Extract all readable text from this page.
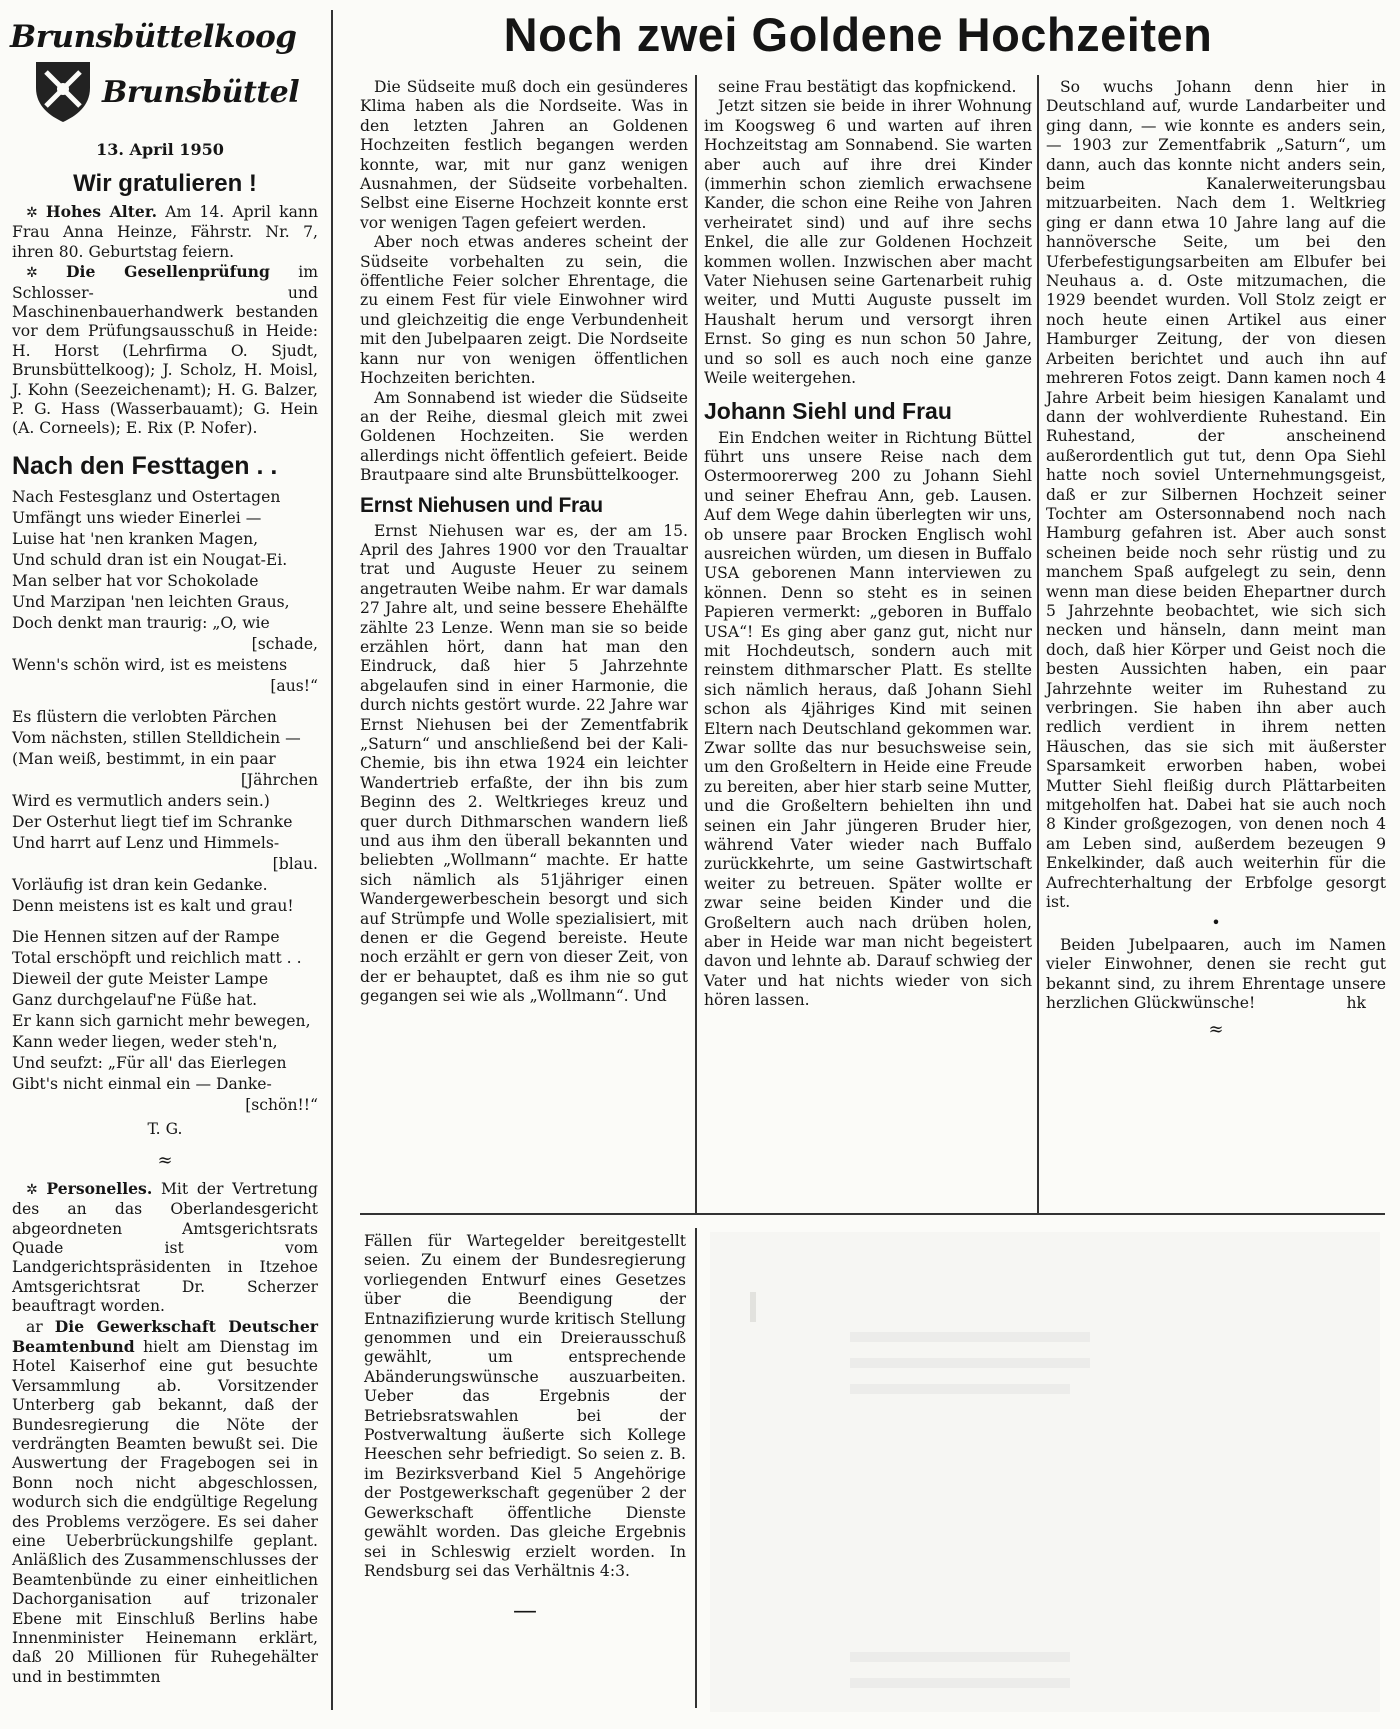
Brunsbüttelkoog
Brunsbüttel
13. April 1950
Wir gratulieren !

✲ Hohes Alter. Am 14. April kann Frau Anna Heinze, Fährstr. Nr. 7, ihren 80. Geburtstag feiern.

✲ Die Gesellenprüfung im Schlosser- und Maschinenbauerhandwerk bestanden vor dem Prüfungsausschuß in Heide: H. Horst (Lehrfirma O. Sjudt, Brunsbüttelkoog); J. Scholz, H. Moisl, J. Kohn (Seezeichenamt); H. G. Balzer, P. G. Hass (Wasserbauamt); G. Hein (A. Corneels); E. Rix (P. Nofer).

Nach den Festtagen . .

Nach Festesglanz und Ostertagen

Umfängt uns wieder Einerlei —

Luise hat 'nen kranken Magen,

Und schuld dran ist ein Nougat-Ei.

Man selber hat vor Schokolade

Und Marzipan 'nen leichten Graus,

Doch denkt man traurig: „O, wie

[schade,

Wenn's schön wird, ist es meistens

[aus!“

Es flüstern die verlobten Pärchen

Vom nächsten, stillen Stelldichein —

(Man weiß, bestimmt, in ein paar

[Jährchen

Wird es vermutlich anders sein.)

Der Osterhut liegt tief im Schranke

Und harrt auf Lenz und Himmels-

[blau.

Vorläufig ist dran kein Gedanke.

Denn meistens ist es kalt und grau!

Die Hennen sitzen auf der Rampe

Total erschöpft und reichlich matt . .

Dieweil der gute Meister Lampe

Ganz durchgelauf'ne Füße hat.

Er kann sich garnicht mehr bewegen,

Kann weder liegen, weder steh'n,

Und seufzt: „Für all' das Eierlegen

Gibt's nicht einmal ein — Danke-

[schön!!“

T. G.
≈

✲ Personelles. Mit der Vertretung des an das Oberlandesgericht abgeordneten Amtsgerichtsrats Quade ist vom Landgerichtspräsidenten in Itzehoe Amtsgerichtsrat Dr. Scherzer beauftragt worden.

ar Die Gewerkschaft Deutscher Beamtenbund hielt am Dienstag im Hotel Kaiserhof eine gut besuchte Versammlung ab. Vorsitzender Unterberg gab bekannt, daß der Bundesregierung die Nöte der verdrängten Beamten bewußt sei. Die Auswertung der Fragebogen sei in Bonn noch nicht abgeschlossen, wodurch sich die endgültige Regelung des Problems verzögere. Es sei daher eine Ueberbrückungshilfe geplant. Anläßlich des Zusammenschlusses der Beamtenbünde zu einer einheitlichen Dachorganisation auf trizonaler Ebene mit Einschluß Berlins habe Innenminister Heinemann erklärt, daß 20 Millionen für Ruhegehälter und in bestimmten

Noch zwei Goldene Hochzeiten

Die Südseite muß doch ein gesünderes Klima haben als die Nordseite. Was in den letzten Jahren an Goldenen Hochzeiten festlich begangen werden konnte, war, mit nur ganz wenigen Ausnahmen, der Südseite vorbehalten. Selbst eine Eiserne Hochzeit konnte erst vor wenigen Tagen gefeiert werden.

Aber noch etwas anderes scheint der Südseite vorbehalten zu sein, die öffentliche Feier solcher Ehrentage, die zu einem Fest für viele Einwohner wird und gleichzeitig die enge Verbundenheit mit den Jubelpaaren zeigt. Die Nordseite kann nur von wenigen öffentlichen Hochzeiten berichten.

Am Sonnabend ist wieder die Südseite an der Reihe, diesmal gleich mit zwei Goldenen Hochzeiten. Sie werden allerdings nicht öffentlich gefeiert. Beide Brautpaare sind alte Brunsbüttelkooger.

Ernst Niehusen und Frau

Ernst Niehusen war es, der am 15. April des Jahres 1900 vor den Traualtar trat und Auguste Heuer zu seinem angetrauten Weibe nahm. Er war damals 27 Jahre alt, und seine bessere Ehehälfte zählte 23 Lenze. Wenn man sie so beide erzählen hört, dann hat man den Eindruck, daß hier 5 Jahrzehnte abgelaufen sind in einer Harmonie, die durch nichts gestört wurde. 22 Jahre war Ernst Niehusen bei der Zementfabrik „Saturn“ und anschließend bei der Kali-Chemie, bis ihn etwa 1924 ein leichter Wandertrieb erfaßte, der ihn bis zum Beginn des 2. Weltkrieges kreuz und quer durch Dithmarschen wandern ließ und aus ihm den überall bekannten und beliebten „Wollmann“ machte. Er hatte sich nämlich als 51jähriger einen Wandergewerbeschein besorgt und sich auf Strümpfe und Wolle spezialisiert, mit denen er die Gegend bereiste. Heute noch erzählt er gern von dieser Zeit, von der er behauptet, daß es ihm nie so gut gegangen sei wie als „Wollmann“. Und

seine Frau bestätigt das kopfnickend.

Jetzt sitzen sie beide in ihrer Wohnung im Koogsweg 6 und warten auf ihren Hochzeitstag am Sonnabend. Sie warten aber auch auf ihre drei Kinder (immerhin schon ziemlich erwachsene Kander, die schon eine Reihe von Jahren verheiratet sind) und auf ihre sechs Enkel, die alle zur Goldenen Hochzeit kommen wollen. Inzwischen aber macht Vater Niehusen seine Gartenarbeit ruhig weiter, und Mutti Auguste pusselt im Haushalt herum und versorgt ihren Ernst. So ging es nun schon 50 Jahre, und so soll es auch noch eine ganze Weile weitergehen.

Johann Siehl und Frau

Ein Endchen weiter in Richtung Büttel führt uns unsere Reise nach dem Ostermoorerweg 200 zu Johann Siehl und seiner Ehefrau Ann, geb. Lausen. Auf dem Wege dahin überlegten wir uns, ob unsere paar Brocken Englisch wohl ausreichen würden, um diesen in Buffalo USA geborenen Mann interviewen zu können. Denn so steht es in seinen Papieren vermerkt: „geboren in Buffalo USA“! Es ging aber ganz gut, nicht nur mit Hochdeutsch, sondern auch mit reinstem dithmarscher Platt. Es stellte sich nämlich heraus, daß Johann Siehl schon als 4jähriges Kind mit seinen Eltern nach Deutschland gekommen war. Zwar sollte das nur besuchsweise sein, um den Großeltern in Heide eine Freude zu bereiten, aber hier starb seine Mutter, und die Großeltern behielten ihn und seinen ein Jahr jüngeren Bruder hier, während Vater wieder nach Buffalo zurückkehrte, um seine Gastwirtschaft weiter zu betreuen. Später wollte er zwar seine beiden Kinder und die Großeltern auch nach drüben holen, aber in Heide war man nicht begeistert davon und lehnte ab. Darauf schwieg der Vater und hat nichts wieder von sich hören lassen.

So wuchs Johann denn hier in Deutschland auf, wurde Landarbeiter und ging dann, — wie konnte es anders sein, — 1903 zur Zementfabrik „Saturn“, um dann, auch das konnte nicht anders sein, beim Kanalerweiterungsbau mitzuarbeiten. Nach dem 1. Weltkrieg ging er dann etwa 10 Jahre lang auf die hannöversche Seite, um bei den Uferbefestigungsarbeiten am Elbufer bei Neuhaus a. d. Oste mitzumachen, die 1929 beendet wurden. Voll Stolz zeigt er noch heute einen Artikel aus einer Hamburger Zeitung, der von diesen Arbeiten berichtet und auch ihn auf mehreren Fotos zeigt. Dann kamen noch 4 Jahre Arbeit beim hiesigen Kanalamt und dann der wohlverdiente Ruhestand. Ein Ruhestand, der anscheinend außerordentlich gut tut, denn Opa Siehl hatte noch soviel Unternehmungsgeist, daß er zur Silbernen Hochzeit seiner Tochter am Ostersonnabend noch nach Hamburg gefahren ist. Aber auch sonst scheinen beide noch sehr rüstig und zu manchem Spaß aufgelegt zu sein, denn wenn man diese beiden Ehepartner durch 5 Jahrzehnte beobachtet, wie sich sich necken und hänseln, dann meint man doch, daß hier Körper und Geist noch die besten Aussichten haben, ein paar Jahrzehnte weiter im Ruhestand zu verbringen. Sie haben ihn aber auch redlich verdient in ihrem netten Häuschen, das sie sich mit äußerster Sparsamkeit erworben haben, wobei Mutter Siehl fleißig durch Plättarbeiten mitgeholfen hat. Dabei hat sie auch noch 8 Kinder großgezogen, von denen noch 4 am Leben sind, außerdem bezeugen 9 Enkelkinder, daß auch weiterhin für die Aufrechterhaltung der Erbfolge gesorgt ist.

•

Beiden Jubelpaaren, auch im Namen vieler Einwohner, denen sie recht gut bekannt sind, zu ihrem Ehrentage unsere herzlichen Glückwünsche!	hk

≈

Fällen für Wartegelder bereitgestellt seien. Zu einem der Bundesregierung vorliegenden Entwurf eines Gesetzes über die Beendigung der Entnazifizierung wurde kritisch Stellung genommen und ein Dreierausschuß gewählt, um entsprechende Abänderungswünsche auszuarbeiten. Ueber das Ergebnis der Betriebsratswahlen bei der Postverwaltung äußerte sich Kollege Heeschen sehr befriedigt. So seien z. B. im Bezirksverband Kiel 5 Angehörige der Postgewerkschaft gegenüber 2 der Gewerkschaft öffentliche Dienste gewählt worden. Das gleiche Ergebnis sei in Schleswig erzielt worden. In Rendsburg sei das Verhältnis 4:3.

—
